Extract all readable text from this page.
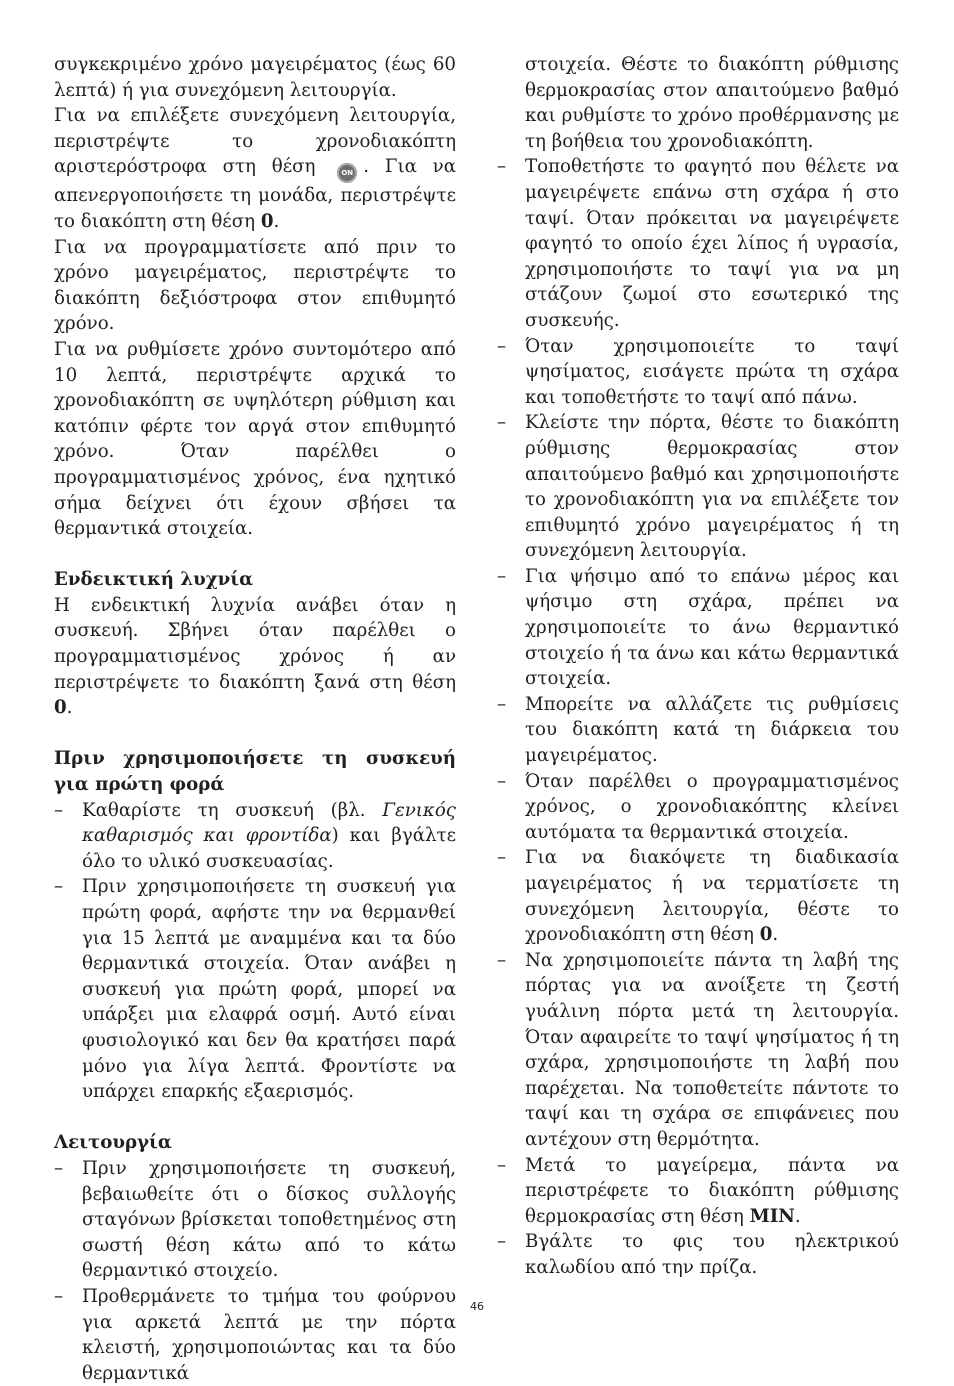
συγκεκριμένο χρόνο μαγειρέματος (έως 60 λεπτά) ή για συνεχόμενη λειτουργία.

Για να επιλέξετε συνεχόμενη λειτουργία, περιστρέψτε το χρονοδιακόπτη αριστερόστροφα στη θέση	ON . Για να απενεργοποιήσετε τη μονάδα, περιστρέψτε το διακόπτη στη θέση 0.

Για να προγραμματίσετε από πριν το χρόνο μαγειρέματος, περιστρέψτε το διακόπτη δεξιόστροφα στον επιθυμητό χρόνο.

Για να ρυθμίσετε χρόνο συντομότερο από 10 λεπτά, περιστρέψτε αρχικά το χρονοδιακόπτη σε υψηλότερη ρύθμιση και κατόπιν φέρτε τον αργά στον επιθυμητό χρόνο. Όταν παρέλθει ο προγραμματισμένος χρόνος, ένα ηχητικό σήμα δείχνει ότι έχουν σβήσει τα θερμαντικά στοιχεία.

Ενδεικτική λυχνία

Η ενδεικτική λυχνία ανάβει όταν η συσκευή. Σβήνει όταν παρέλθει ο προγραμματισμένος χρόνος ή αν περιστρέψετε το διακόπτη ξανά στη θέση 0.

Πριν χρησιμοποιήσετε τη συσκευή για πρώτη φορά
– Καθαρίστε τη συσκευή (βλ. Γενικός καθαρισμός και φροντίδα) και βγάλτε όλο το υλικό συσκευασίας.
– Πριν χρησιμοποιήσετε τη συσκευή για πρώτη φορά, αφήστε την να θερμανθεί για 15 λεπτά με αναμμένα και τα δύο θερμαντικά στοιχεία. Όταν ανάβει η συσκευή για πρώτη φορά, μπορεί να υπάρξει μια ελαφρά οσμή. Αυτό είναι φυσιολογικό και δεν θα κρατήσει παρά μόνο για λίγα λεπτά. Φροντίστε να υπάρχει επαρκής εξαερισμός.
Λειτουργία
– Πριν χρησιμοποιήσετε τη συσκευή, βεβαιωθείτε ότι ο δίσκος συλλογής σταγόνων βρίσκεται τοποθετημένος στη σωστή θέση κάτω από το κάτω θερμαντικό στοιχείο.
– Προθερμάνετε το τμήμα του φούρνου για αρκετά λεπτά με την πόρτα κλειστή, χρησιμοποιώντας και τα δύο θερμαντικά
στοιχεία. Θέστε το διακόπτη ρύθμισης θερμοκρασίας στον απαιτούμενο βαθμό και ρυθμίστε το χρόνο προθέρμανσης με τη βοήθεια του χρονοδιακόπτη.
– Τοποθετήστε το φαγητό που θέλετε να μαγειρέψετε επάνω στη σχάρα ή στο ταψί. Όταν πρόκειται να μαγειρέψετε φαγητό το οποίο έχει λίπος ή υγρασία, χρησιμοποιήστε το ταψί για να μη στάζουν ζωμοί στο εσωτερικό της συσκευής.
– Όταν χρησιμοποιείτε το ταψί ψησίματος, εισάγετε πρώτα τη σχάρα και τοποθετήστε το ταψί από πάνω.
– Κλείστε την πόρτα, θέστε το διακόπτη ρύθμισης θερμοκρασίας στον απαιτούμενο βαθμό και χρησιμοποιήστε το χρονοδιακόπτη για να επιλέξετε τον επιθυμητό χρόνο μαγειρέματος ή τη συνεχόμενη λειτουργία.
– Για ψήσιμο από το επάνω μέρος και ψήσιμο στη σχάρα, πρέπει να χρησιμοποιείτε το άνω θερμαντικό στοιχείο ή τα άνω και κάτω θερμαντικά στοιχεία.
– Μπορείτε να αλλάζετε τις ρυθμίσεις του διακόπτη κατά τη διάρκεια του μαγειρέματος.
– Όταν παρέλθει ο προγραμματισμένος χρόνος, ο χρονοδιακόπτης κλείνει αυτόματα τα θερμαντικά στοιχεία.
– Για να διακόψετε τη διαδικασία μαγειρέματος ή να τερματίσετε τη συνεχόμενη λειτουργία, θέστε το χρονοδιακόπτη στη θέση 0.
– Να χρησιμοποιείτε πάντα τη λαβή της πόρτας για να ανοίξετε τη ζεστή γυάλινη πόρτα μετά τη λειτουργία. Όταν αφαιρείτε το ταψί ψησίματος ή τη σχάρα, χρησιμοποιήστε τη λαβή που παρέχεται. Να τοποθετείτε πάντοτε το ταψί και τη σχάρα σε επιφάνειες που αντέχουν στη θερμότητα.
– Μετά το μαγείρεμα, πάντα να περιστρέφετε το διακόπτη ρύθμισης θερμοκρασίας στη θέση MIN.
– Βγάλτε το φις του ηλεκτρικού καλωδίου από την πρίζα.
46
